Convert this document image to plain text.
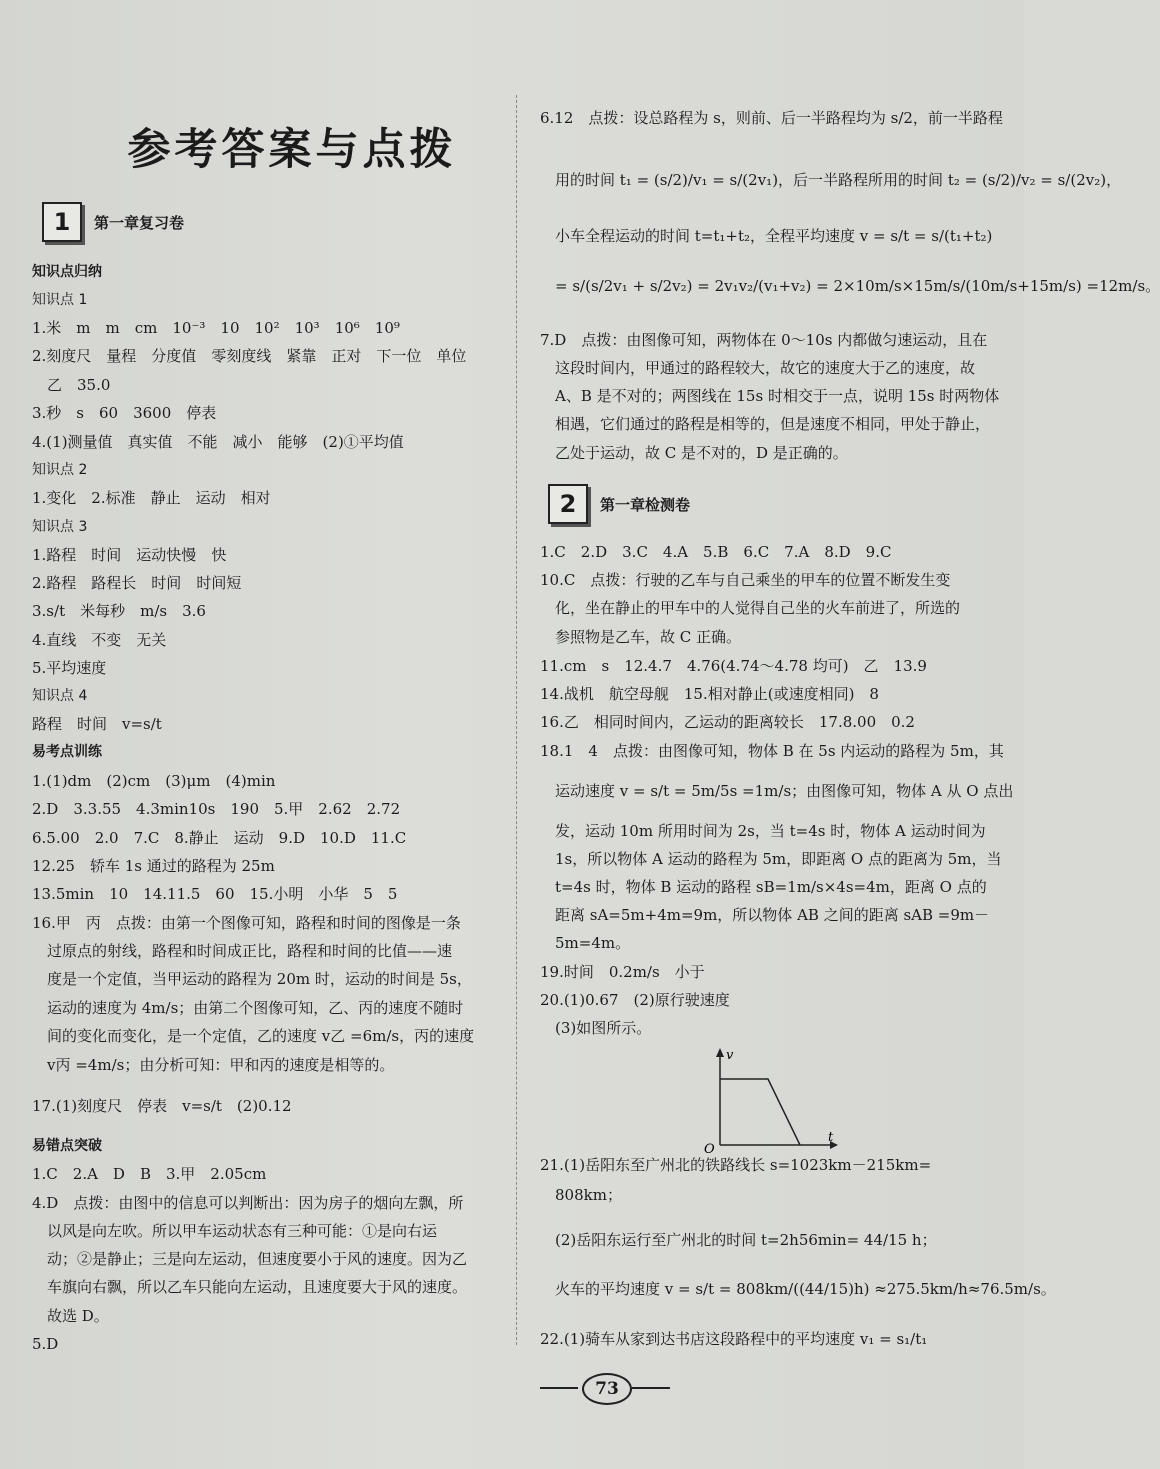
参考答案与点拨
1	第一章复习卷
2	第一章检测卷
知识点归纳
知识点 1
1.米　m　m　cm　10⁻³　10　10²　10³　10⁶　10⁹
2.刻度尺　量程　分度值　零刻度线　紧靠　正对　下一位　单位
　乙　35.0
3.秒　s　60　3600　停表
4.(1)测量值　真实值　不能　减小　能够　(2)①平均值
知识点 2
1.变化　2.标准　静止　运动　相对
知识点 3
1.路程　时间　运动快慢　快
2.路程　路程长　时间　时间短
3.s/t　米每秒　m/s　3.6
4.直线　不变　无关
5.平均速度
知识点 4
路程　时间　v=s/t
易考点训练
1.(1)dm　(2)cm　(3)μm　(4)min
2.D　3.3.55　4.3min10s　190　5.甲　2.62　2.72
6.5.00　2.0　7.C　8.静止　运动　9.D　10.D　11.C
12.25　轿车 1s 通过的路程为 25m
13.5min　10　14.11.5　60　15.小明　小华　5　5
16.甲　丙　点拨：由第一个图像可知，路程和时间的图像是一条
　过原点的射线，路程和时间成正比，路程和时间的比值——速
　度是一个定值，当甲运动的路程为 20m 时，运动的时间是 5s，
　运动的速度为 4m/s；由第二个图像可知，乙、丙的速度不随时
　间的变化而变化，是一个定值，乙的速度 v乙 =6m/s，丙的速度
　v丙 =4m/s；由分析可知：甲和丙的速度是相等的。
17.(1)刻度尺　停表　v=s/t　(2)0.12
易错点突破
1.C　2.A　D　B　3.甲　2.05cm
4.D　点拨：由图中的信息可以判断出：因为房子的烟向左飘，所
　以风是向左吹。所以甲车运动状态有三种可能：①是向右运
　动；②是静止；三是向左运动，但速度要小于风的速度。因为乙
　车旗向右飘，所以乙车只能向左运动，且速度要大于风的速度。
　故选 D。
5.D
6.12　点拨：设总路程为 s，则前、后一半路程均为 s/2，前一半路程
　用的时间 t₁ = (s/2)/v₁ = s/(2v₁)，后一半路程所用的时间 t₂ = (s/2)/v₂ = s/(2v₂)，
　小车全程运动的时间 t=t₁+t₂，全程平均速度 v = s/t = s/(t₁+t₂)
　= s/(s/2v₁ + s/2v₂) = 2v₁v₂/(v₁+v₂) = 2×10m/s×15m/s/(10m/s+15m/s) =12m/s。
7.D　点拨：由图像可知，两物体在 0～10s 内都做匀速运动，且在
　这段时间内，甲通过的路程较大，故它的速度大于乙的速度，故
　A、B 是不对的；两图线在 15s 时相交于一点，说明 15s 时两物体
　相遇，它们通过的路程是相等的，但是速度不相同，甲处于静止，
　乙处于运动，故 C 是不对的，D 是正确的。
1.C　2.D　3.C　4.A　5.B　6.C　7.A　8.D　9.C
10.C　点拨：行驶的乙车与自己乘坐的甲车的位置不断发生变
　化，坐在静止的甲车中的人觉得自己坐的火车前进了，所选的
　参照物是乙车，故 C 正确。
11.cm　s　12.4.7　4.76(4.74～4.78 均可)　乙　13.9
14.战机　航空母舰　15.相对静止(或速度相同)　8
16.乙　相同时间内，乙运动的距离较长　17.8.00　0.2
18.1　4　点拨：由图像可知，物体 B 在 5s 内运动的路程为 5m，其
　运动速度 v = s/t = 5m/5s =1m/s；由图像可知，物体 A 从 O 点出
　发，运动 10m 所用时间为 2s，当 t=4s 时，物体 A 运动时间为
　1s，所以物体 A 运动的路程为 5m，即距离 O 点的距离为 5m，当
　t=4s 时，物体 B 运动的路程 sB=1m/s×4s=4m，距离 O 点的
　距离 sA=5m+4m=9m，所以物体 AB 之间的距离 sAB =9m－
　5m=4m。
19.时间　0.2m/s　小于
20.(1)0.67　(2)原行驶速度
　(3)如图所示。
21.(1)岳阳东至广州北的铁路线长 s=1023km－215km=
　808km；
　(2)岳阳东运行至广州北的时间 t=2h56min= 44/15 h；
　火车的平均速度 v = s/t = 808km/((44/15)h) ≈275.5km/h≈76.5m/s。
22.(1)骑车从家到达书店这段路程中的平均速度 v₁ = s₁/t₁
v
t
O
73
